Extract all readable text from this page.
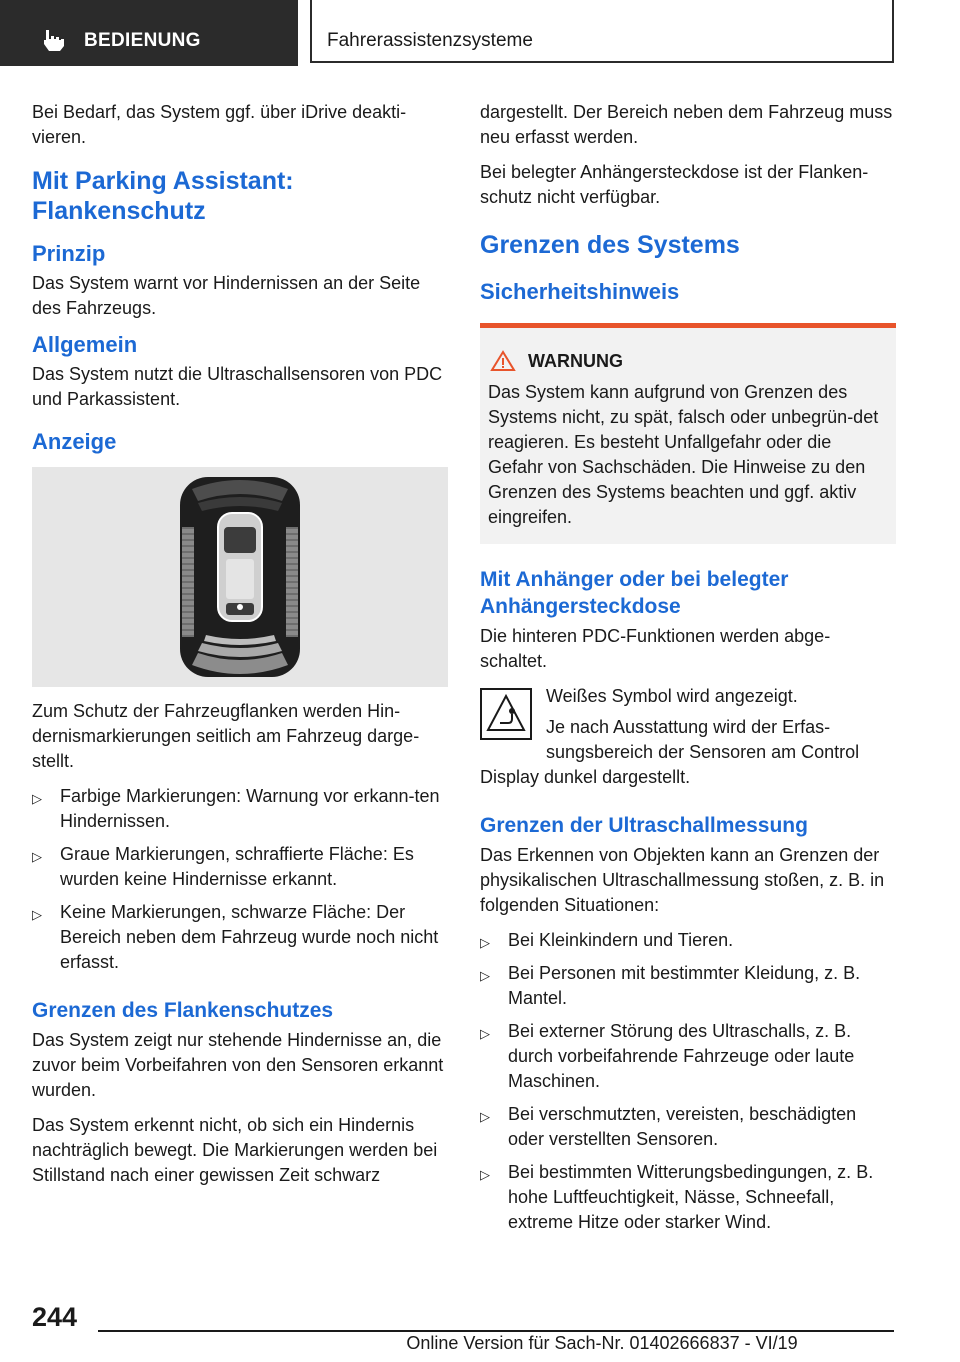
BEDIENUNG	Fahrerassistenzsysteme

Bei Bedarf, das System ggf. über iDrive deakti-vieren.

Mit Parking Assistant: Flankenschutz
Prinzip

Das System warnt vor Hindernissen an der Seite des Fahrzeugs.

Allgemein

Das System nutzt die Ultraschallsensoren von PDC und Parkassistent.

Anzeige

Zum Schutz der Fahrzeugflanken werden Hin-dernismarkierungen seitlich am Fahrzeug darge-stellt.

▷ Farbige Markierungen: Warnung vor erkann-ten Hindernissen.
▷ Graue Markierungen, schraffierte Fläche: Es wurden keine Hindernisse erkannt.
▷ Keine Markierungen, schwarze Fläche: Der Bereich neben dem Fahrzeug wurde noch nicht erfasst.
Grenzen des Flankenschutzes

Das System zeigt nur stehende Hindernisse an, die zuvor beim Vorbeifahren von den Sensoren erkannt wurden.

Das System erkennt nicht, ob sich ein Hindernis nachträglich bewegt. Die Markierungen werden bei Stillstand nach einer gewissen Zeit schwarz

dargestellt. Der Bereich neben dem Fahrzeug muss neu erfasst werden.

Bei belegter Anhängersteckdose ist der Flanken-schutz nicht verfügbar.

Grenzen des Systems
Sicherheitshinweis
WARNUNG

Das System kann aufgrund von Grenzen des Systems nicht, zu spät, falsch oder unbegrün-det reagieren. Es besteht Unfallgefahr oder die Gefahr von Sachschäden. Die Hinweise zu den Grenzen des Systems beachten und ggf. aktiv eingreifen.

Mit Anhänger oder bei belegter Anhängersteckdose

Die hinteren PDC-Funktionen werden abge-schaltet.

Weißes Symbol wird angezeigt.

Je nach Ausstattung wird der Erfas-sungsbereich der Sensoren am Control

Display dunkel dargestellt.

Grenzen der Ultraschallmessung

Das Erkennen von Objekten kann an Grenzen der physikalischen Ultraschallmessung stoßen, z. B. in folgenden Situationen:

▷ Bei Kleinkindern und Tieren.
▷ Bei Personen mit bestimmter Kleidung, z. B. Mantel.
▷ Bei externer Störung des Ultraschalls, z. B. durch vorbeifahrende Fahrzeuge oder laute Maschinen.
▷ Bei verschmutzten, vereisten, beschädigten oder verstellten Sensoren.
▷ Bei bestimmten Witterungsbedingungen, z. B. hohe Luftfeuchtigkeit, Nässe, Schneefall, extreme Hitze oder starker Wind.
244
Online Version für Sach-Nr. 01402666837 - VI/19
